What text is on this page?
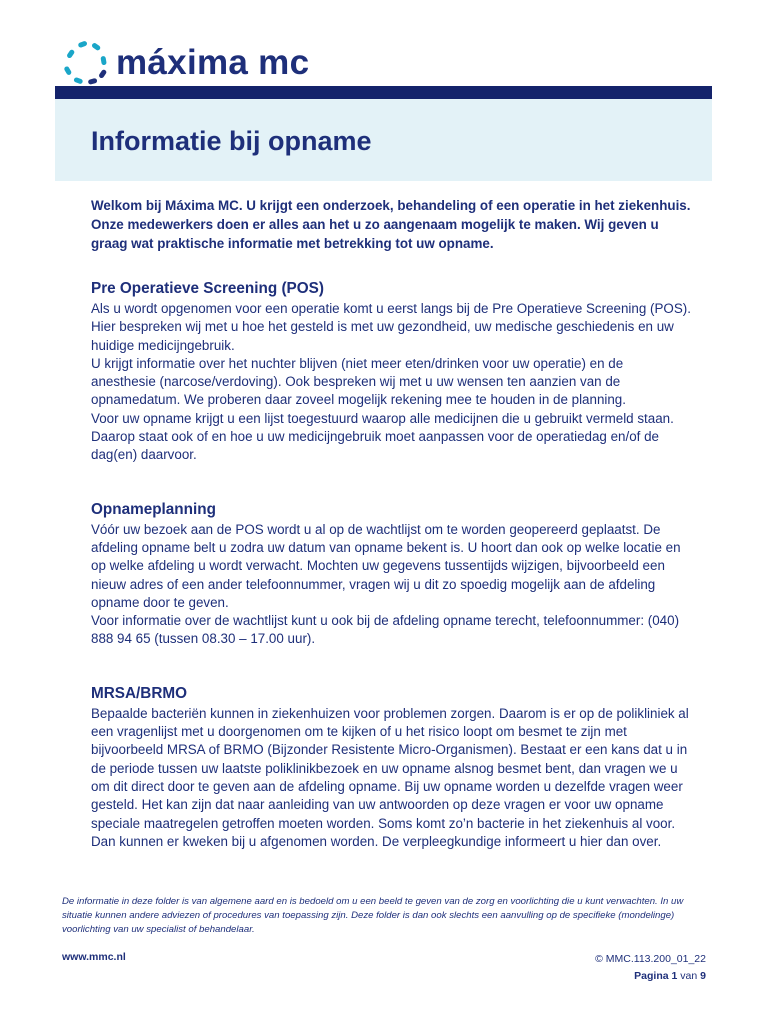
máxima mc
Informatie bij opname

Welkom bij Máxima MC. U krijgt een onderzoek, behandeling of een operatie in het ziekenhuis. Onze medewerkers doen er alles aan het u zo aangenaam mogelijk te maken. Wij geven u graag wat praktische informatie met betrekking tot uw opname.

Pre Operatieve Screening (POS)

Als u wordt opgenomen voor een operatie komt u eerst langs bij de Pre Operatieve Screening (POS). Hier bespreken wij met u hoe het gesteld is met uw gezondheid, uw medische geschiedenis en uw huidige medicijngebruik.
U krijgt informatie over het nuchter blijven (niet meer eten/drinken voor uw operatie) en de anesthesie (narcose/verdoving). Ook bespreken wij met u uw wensen ten aanzien van de opnamedatum. We proberen daar zoveel mogelijk rekening mee te houden in de planning.
Voor uw opname krijgt u een lijst toegestuurd waarop alle medicijnen die u gebruikt vermeld staan. Daarop staat ook of en hoe u uw medicijngebruik moet aanpassen voor de operatiedag en/of de dag(en) daarvoor.

Opnameplanning

Vóór uw bezoek aan de POS wordt u al op de wachtlijst om te worden geopereerd geplaatst. De afdeling opname belt u zodra uw datum van opname bekent is. U hoort dan ook op welke locatie en op welke afdeling u wordt verwacht. Mochten uw gegevens tussentijds wijzigen, bijvoorbeeld een nieuw adres of een ander telefoonnummer, vragen wij u dit zo spoedig mogelijk aan de afdeling opname door te geven.
Voor informatie over de wachtlijst kunt u ook bij de afdeling opname terecht, telefoonnummer: (040) 888 94 65 (tussen 08.30 – 17.00 uur).

MRSA/BRMO

Bepaalde bacteriën kunnen in ziekenhuizen voor problemen zorgen. Daarom is er op de polikliniek al een vragenlijst met u doorgenomen om te kijken of u het risico loopt om besmet te zijn met bijvoorbeeld MRSA of BRMO (Bijzonder Resistente Micro-Organismen). Bestaat er een kans dat u in de periode tussen uw laatste poliklinikbezoek en uw opname alsnog besmet bent, dan vragen we u om dit direct door te geven aan de afdeling opname. Bij uw opname worden u dezelfde vragen weer gesteld. Het kan zijn dat naar aanleiding van uw antwoorden op deze vragen er voor uw opname speciale maatregelen getroffen moeten worden. Soms komt zo’n bacterie in het ziekenhuis al voor. Dan kunnen er kweken bij u afgenomen worden. De verpleegkundige informeert u hier dan over.

De informatie in deze folder is van algemene aard en is bedoeld om u een beeld te geven van de zorg en voorlichting die u kunt verwachten. In uw situatie kunnen andere adviezen of procedures van toepassing zijn. Deze folder is dan ook slechts een aanvulling op de specifieke (mondelinge) voorlichting van uw specialist of behandelaar.

www.mmc.nl	© MMC.113.200_01_22
Pagina 1 van 9
